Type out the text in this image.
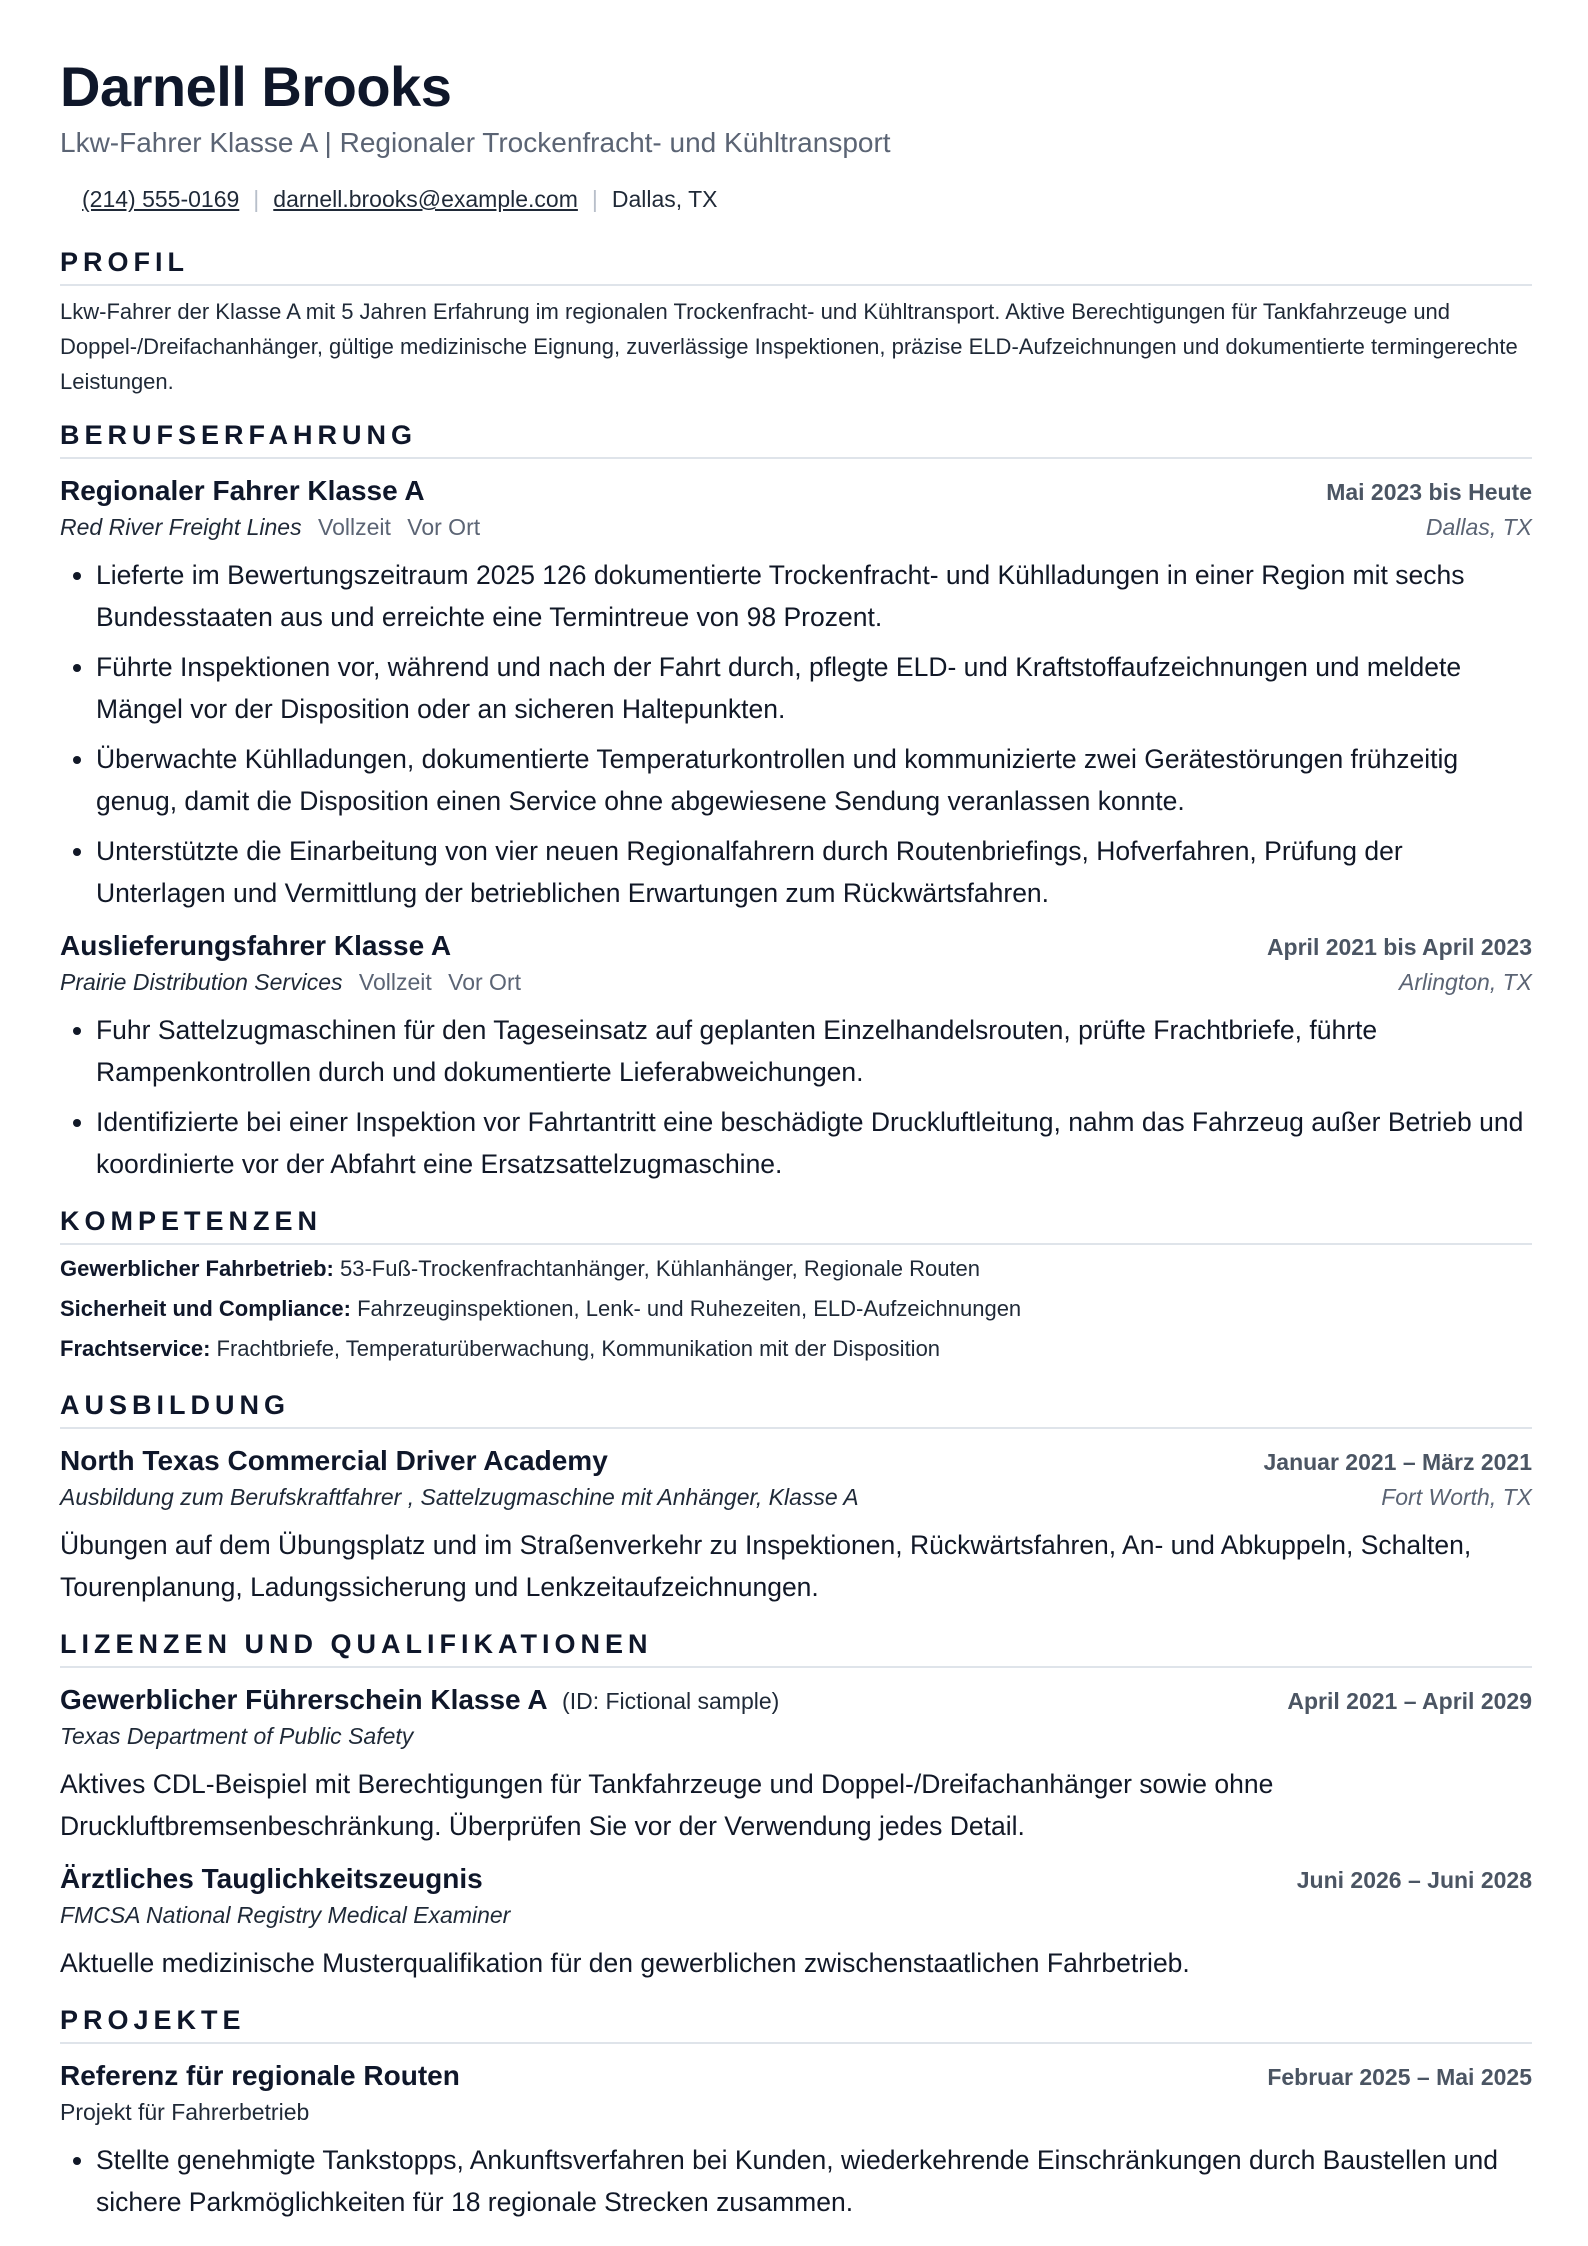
Darnell Brooks
Lkw-Fahrer Klasse A | Regionaler Trockenfracht- und Kühltransport
(214) 555-0169 | darnell.brooks@example.com | Dallas, TX
PROFIL
Lkw-Fahrer der Klasse A mit 5 Jahren Erfahrung im regionalen Trockenfracht- und Kühltransport. Aktive Berechtigungen für Tankfahrzeuge und Doppel-/Dreifachanhänger, gültige medizinische Eignung, zuverlässige Inspektionen, präzise ELD-Aufzeichnungen und dokumentierte termingerechte Leistungen.
BERUFSERFAHRUNG
Regionaler Fahrer Klasse A	Mai 2023 bis Heute
Red River Freight Lines Vollzeit Vor Ort	Dallas, TX
• Lieferte im Bewertungszeitraum 2025 126 dokumentierte Trockenfracht- und Kühlladungen in einer Region mit sechs Bundesstaaten aus und erreichte eine Termintreue von 98 Prozent.
• Führte Inspektionen vor, während und nach der Fahrt durch, pflegte ELD- und Kraftstoffaufzeichnungen und meldete Mängel vor der Disposition oder an sicheren Haltepunkten.
• Überwachte Kühlladungen, dokumentierte Temperaturkontrollen und kommunizierte zwei Gerätestörungen frühzeitig genug, damit die Disposition einen Service ohne abgewiesene Sendung veranlassen konnte.
• Unterstützte die Einarbeitung von vier neuen Regionalfahrern durch Routenbriefings, Hofverfahren, Prüfung der Unterlagen und Vermittlung der betrieblichen Erwartungen zum Rückwärtsfahren.
Auslieferungsfahrer Klasse A	April 2021 bis April 2023
Prairie Distribution Services Vollzeit Vor Ort	Arlington, TX
• Fuhr Sattelzugmaschinen für den Tageseinsatz auf geplanten Einzelhandelsrouten, prüfte Frachtbriefe, führte Rampenkontrollen durch und dokumentierte Lieferabweichungen.
• Identifizierte bei einer Inspektion vor Fahrtantritt eine beschädigte Druckluftleitung, nahm das Fahrzeug außer Betrieb und koordinierte vor der Abfahrt eine Ersatzsattelzugmaschine.
KOMPETENZEN
Gewerblicher Fahrbetrieb: 53-Fuß-Trockenfrachtanhänger, Kühlanhänger, Regionale Routen
Sicherheit und Compliance: Fahrzeuginspektionen, Lenk- und Ruhezeiten, ELD-Aufzeichnungen
Frachtservice: Frachtbriefe, Temperaturüberwachung, Kommunikation mit der Disposition
AUSBILDUNG
North Texas Commercial Driver Academy	Januar 2021 – März 2021
Ausbildung zum Berufskraftfahrer , Sattelzugmaschine mit Anhänger, Klasse A	Fort Worth, TX
Übungen auf dem Übungsplatz und im Straßenverkehr zu Inspektionen, Rückwärtsfahren, An- und Abkuppeln, Schalten, Tourenplanung, Ladungssicherung und Lenkzeitaufzeichnungen.
LIZENZEN UND QUALIFIKATIONEN
Gewerblicher Führerschein Klasse A (ID: Fictional sample)	April 2021 – April 2029
Texas Department of Public Safety
Aktives CDL-Beispiel mit Berechtigungen für Tankfahrzeuge und Doppel-/Dreifachanhänger sowie ohne Druckluftbremsenbeschränkung. Überprüfen Sie vor der Verwendung jedes Detail.
Ärztliches Tauglichkeitszeugnis	Juni 2026 – Juni 2028
FMCSA National Registry Medical Examiner
Aktuelle medizinische Musterqualifikation für den gewerblichen zwischenstaatlichen Fahrbetrieb.
PROJEKTE
Referenz für regionale Routen	Februar 2025 – Mai 2025
Projekt für Fahrerbetrieb
• Stellte genehmigte Tankstopps, Ankunftsverfahren bei Kunden, wiederkehrende Einschränkungen durch Baustellen und sichere Parkmöglichkeiten für 18 regionale Strecken zusammen.
